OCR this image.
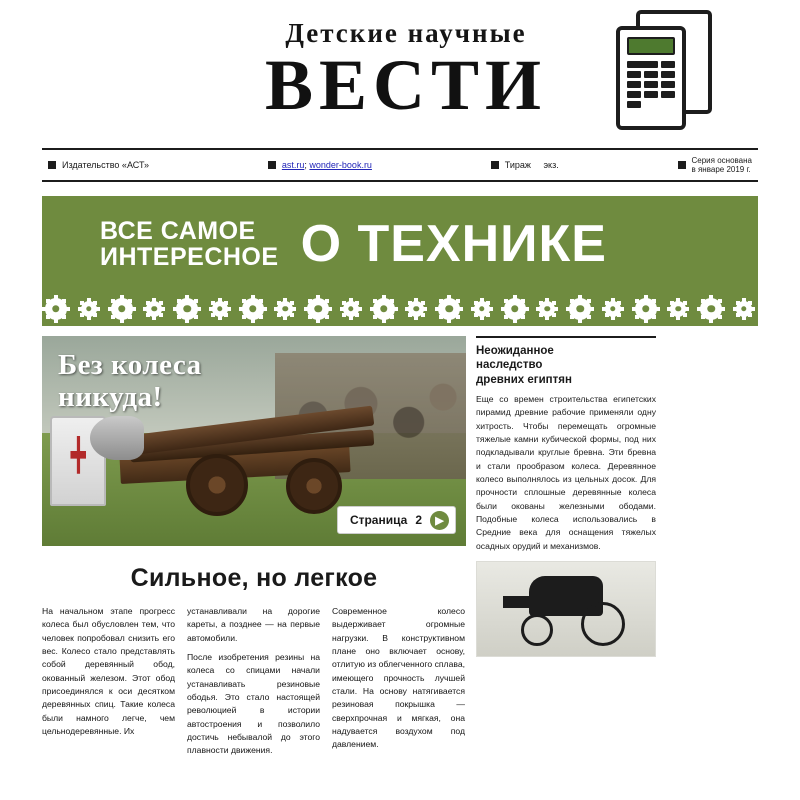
Детские научные
ВЕСТИ
Издательство «АСТ»	ast.ru ;
wonder-book.ru	Тираж
экз.	Серия основана
в январе 2019 г.
ВСЕ САМОЕ
ИНТЕРЕСНОЕ О ТЕХНИКЕ
Без колеса
никуда!
Страница 2	▶
Сильное, но легкое

На начальном этапе прогресс колеса был обусловлен тем, что человек попробовал снизить его вес. Колесо стало представлять собой деревянный обод, окованный железом. Этот обод присоединялся к оси десятком деревянных спиц. Такие колеса были намного легче, чем цельнодеревянные. Их

устанавливали на дорогие кареты, а позднее — на первые автомобили.

После изобретения резины на колеса со спицами начали устанавливать резиновые ободья. Это стало настоящей революцией в истории автостроения и позволило достичь небывалой до этого плавности движения.

Современное колесо выдерживает огромные нагрузки. В конструктивном плане оно включает основу, отлитую из облегченного сплава, имеющего прочность лучшей стали. На основу натягивается резиновая покрышка — сверхпрочная и мягкая, она надувается воздухом под давлением.

Неожиданное
наследство
древних египтян

Еще со времен строительства египетских пирамид древние рабочие применяли одну хитрость. Чтобы перемещать огромные тяжелые камни кубической формы, под них подкладывали круглые бревна. Эти бревна и стали прообразом колеса. Деревянное колесо выполнялось из цельных досок. Для прочности сплошные деревянные колеса были окованы железными ободами. Подобные колеса использовались в Средние века для оснащения тяжелых осадных орудий и механизмов.
